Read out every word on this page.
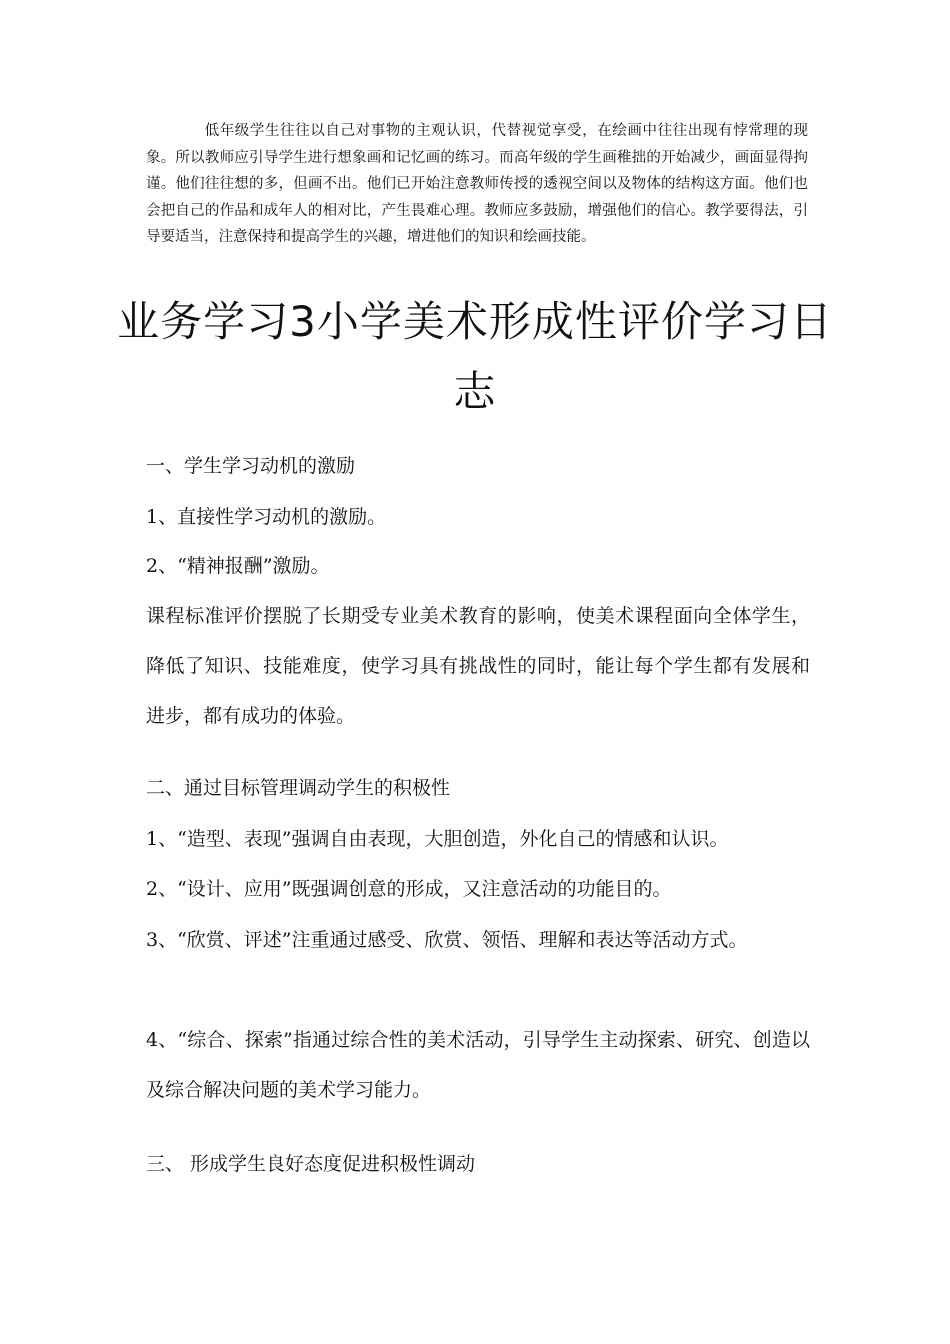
低年级学生往往以自己对事物的主观认识，代替视觉享受，在绘画中往往出现有悖常理的现象。所以教师应引导学生进行想象画和记忆画的练习。而高年级的学生画稚拙的开始减少，画面显得拘谨。他们往往想的多，但画不出。他们已开始注意教师传授的透视空间以及物体的结构这方面。他们也会把自己的作品和成年人的相对比，产生畏难心理。教师应多鼓励，增强他们的信心。教学要得法，引导要适当，注意保持和提高学生的兴趣，增进他们的知识和绘画技能。

业务学习3小学美术形成性评价学习日志

一、学生学习动机的激励

1、直接性学习动机的激励。

2、“精神报酬”激励。

课程标准评价摆脱了长期受专业美术教育的影响，使美术课程面向全体学生，降低了知识、技能难度，使学习具有挑战性的同时，能让每个学生都有发展和进步，都有成功的体验。

二、通过目标管理调动学生的积极性

1、“造型、表现”强调自由表现，大胆创造，外化自己的情感和认识。

2、“设计、应用”既强调创意的形成，又注意活动的功能目的。

3、“欣赏、评述”注重通过感受、欣赏、领悟、理解和表达等活动方式。

4、“综合、探索”指通过综合性的美术活动，引导学生主动探索、研究、创造以及综合解决问题的美术学习能力。

三、 形成学生良好态度促进积极性调动
